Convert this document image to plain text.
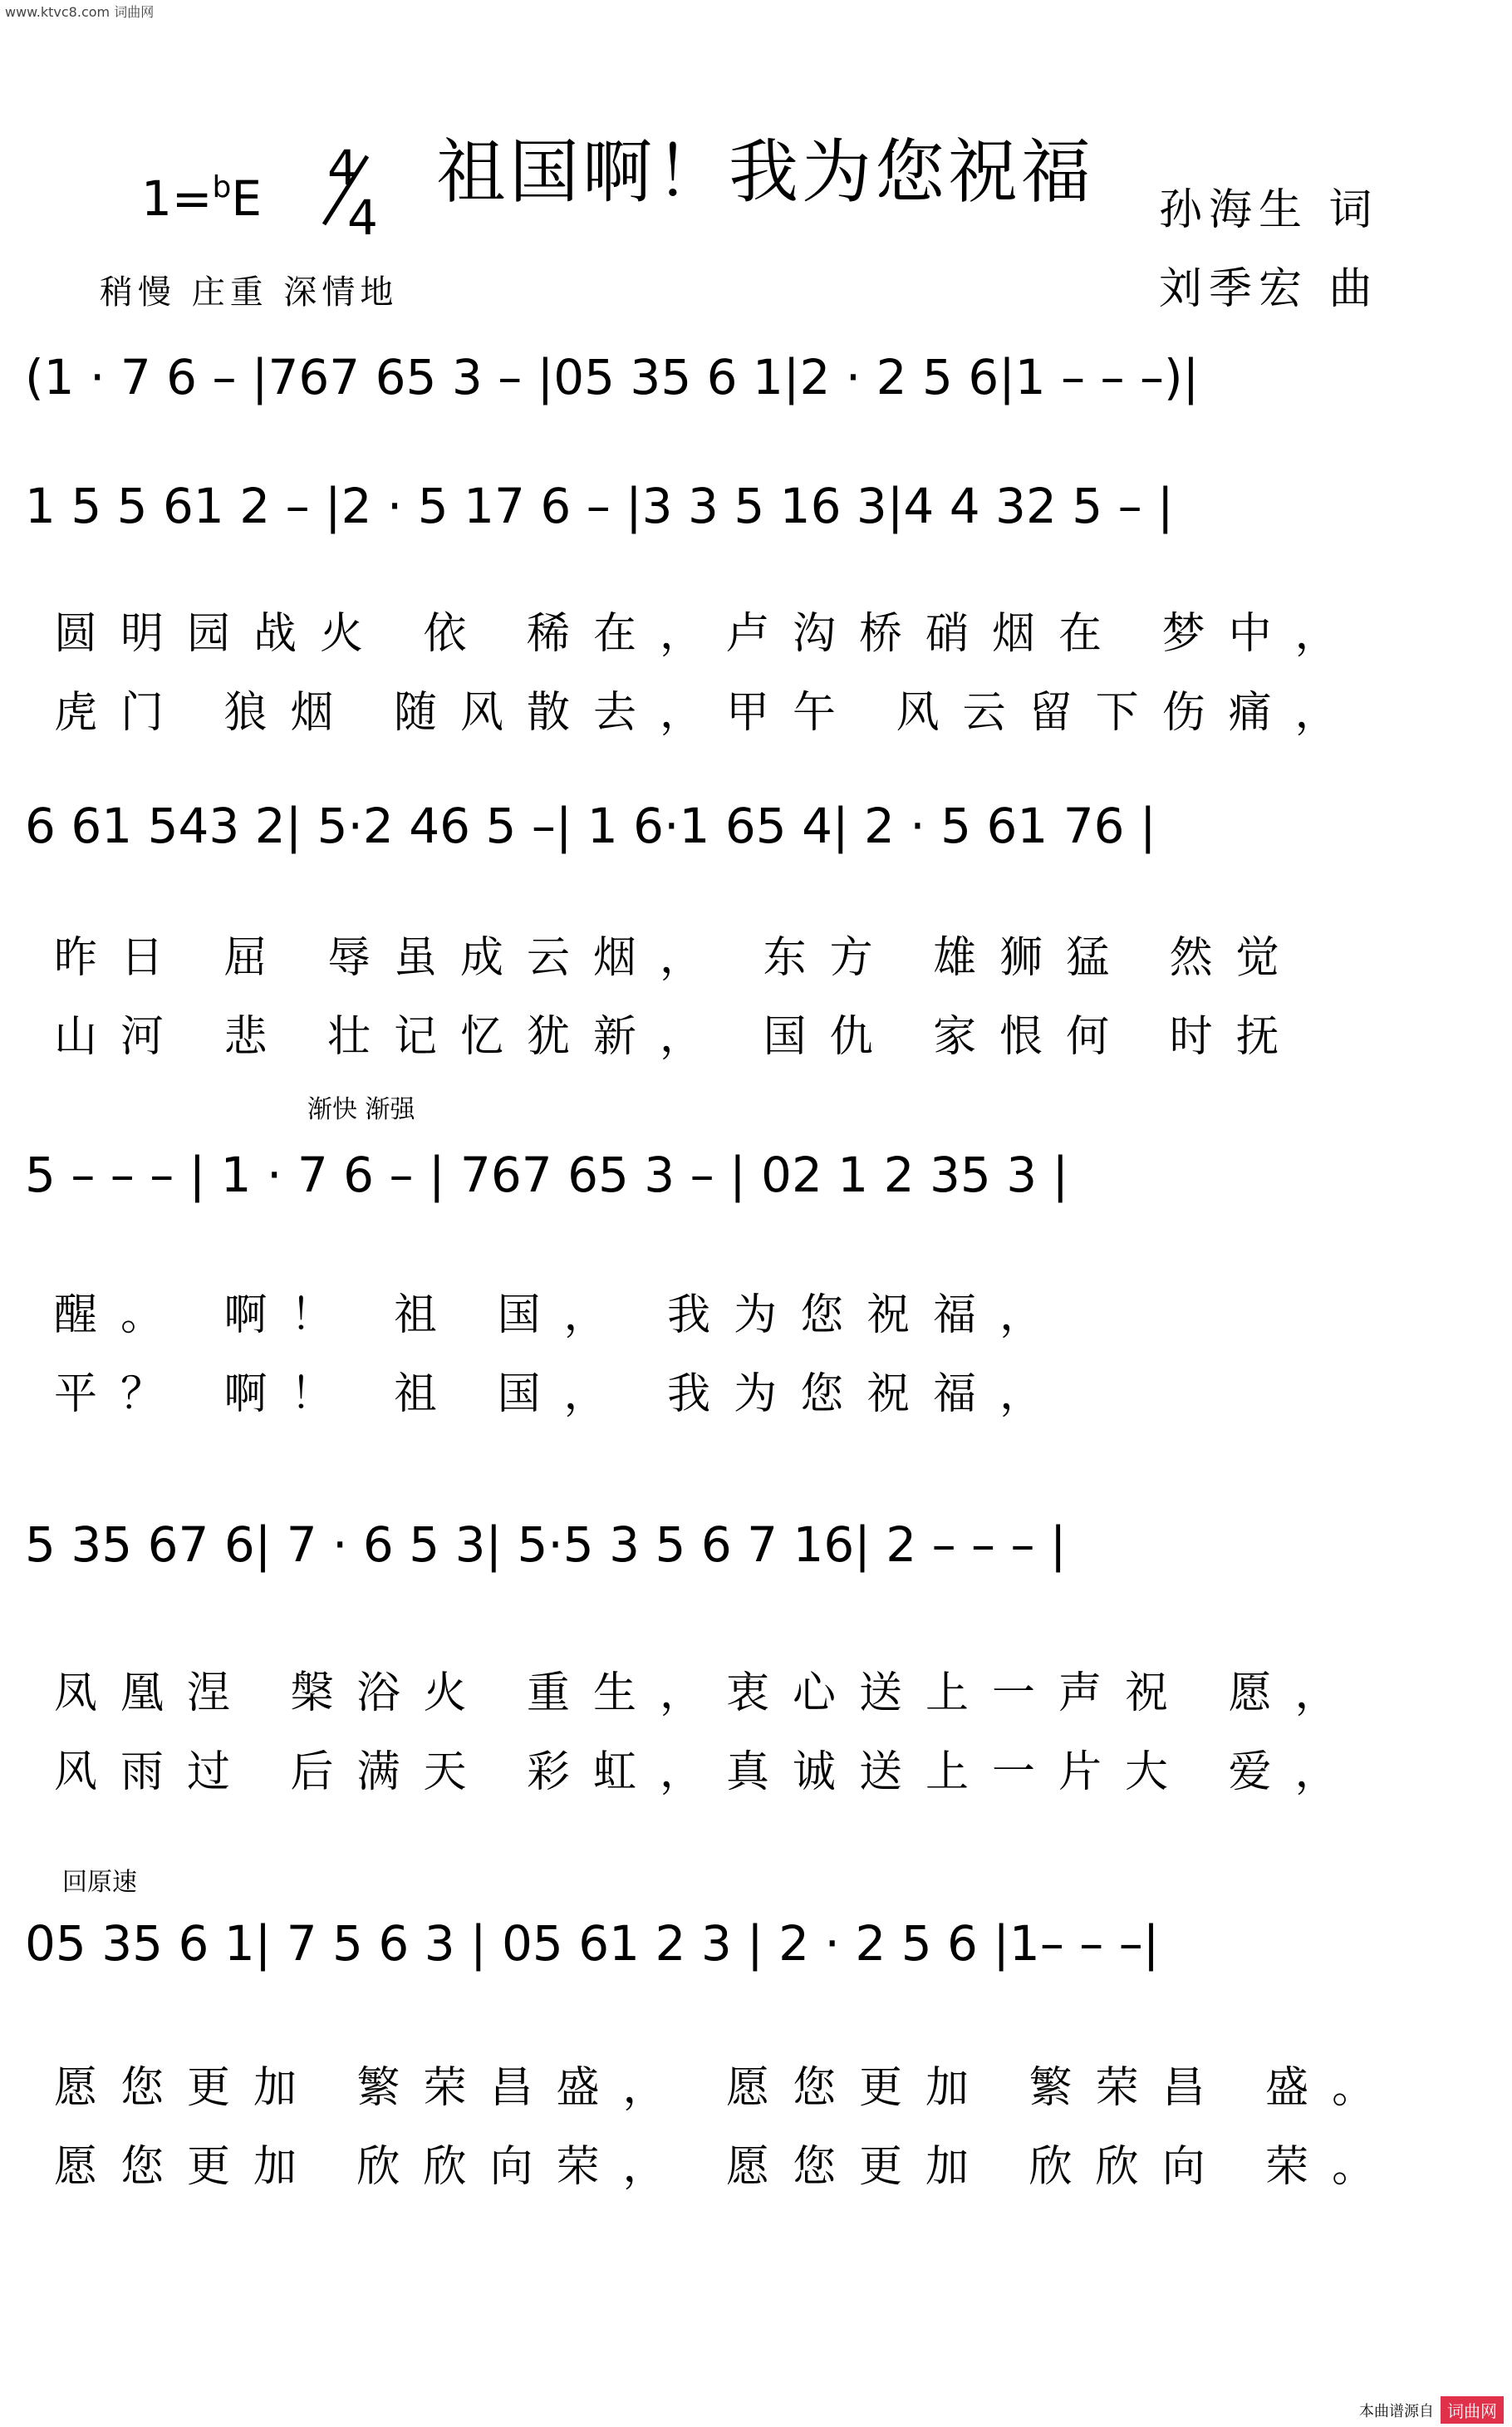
www.ktvc8.com 词曲网
祖国啊！我为您祝福
1=$^b$E
4
4
稍慢 庄重 深情地
孙海生 词
刘季宏 曲
(1 · 7 6 – |767 65 3 – |05 35 6 1|2 · 2 5 6|1 – – –)|
1 5 5 61 2 – |2 · 5 17 6 – |3 3 5 16 3|4 4 32 5 – |
圆明园战火 依 稀在，卢沟桥硝烟在 梦中，
虎门 狼烟 随风散去，甲午 风云留下伤痛，
6 61 543 2| 5·2 46 5 –| 1 6·1 65 4| 2 · 5 61 76 |
昨日 屈 辱虽成云烟， 东方 雄狮猛 然觉
山河 悲 壮记忆犹新， 国仇 家恨何 时抚
渐快 渐强
5 – – – | 1 · 7 6 – | 767 65 3 – | 02 1 2 35 3 |
醒。 啊！ 祖 国， 我为您祝福，
平？ 啊！ 祖 国， 我为您祝福，
5 35 67 6| 7 · 6 5 3| 5·5 3 5 6 7 16| 2 – – – |
凤凰涅 槃浴火 重生，衷心送上一声祝 愿，
风雨过 后满天 彩虹，真诚送上一片大 爱，
回原速
05 35 6 1| 7 5 6 3 | 05 61 2 3 | 2 · 2 5 6 |1– – –|
愿您更加 繁荣昌盛， 愿您更加 繁荣昌 盛。
愿您更加 欣欣向荣， 愿您更加 欣欣向 荣。
本曲谱源自 词曲网
